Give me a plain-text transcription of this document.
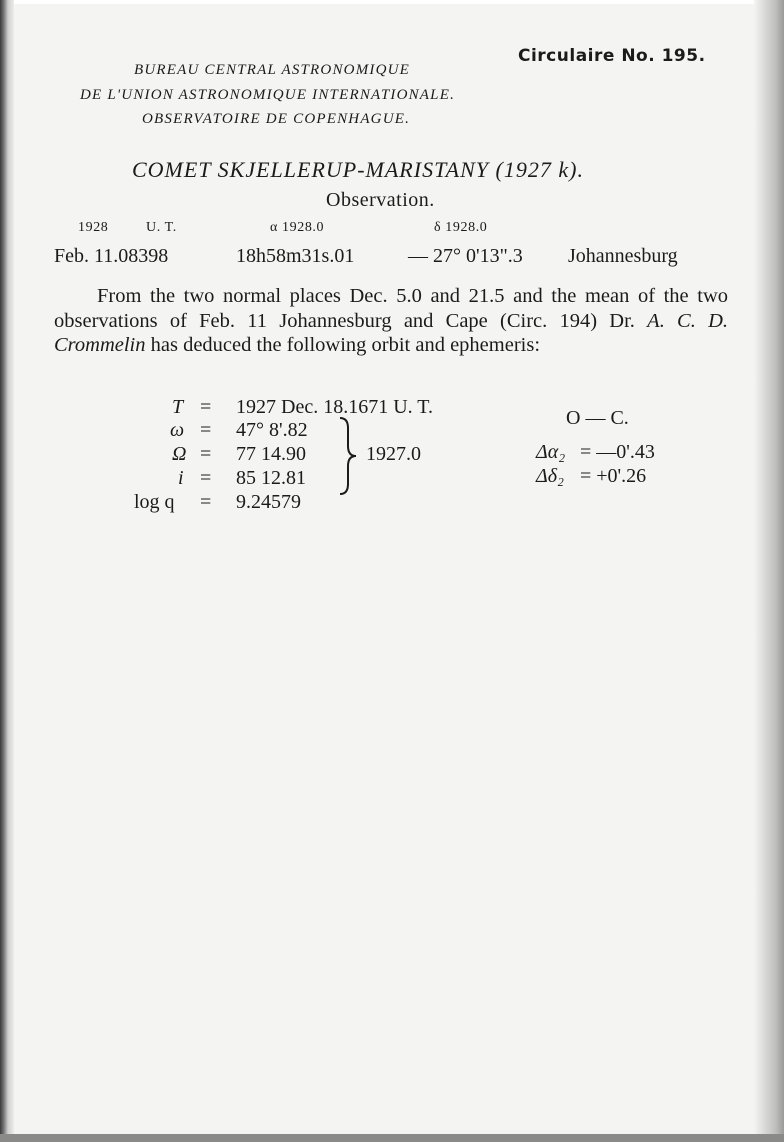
Circulaire No. 195.
BUREAU CENTRAL ASTRONOMIQUE
DE L'UNION ASTRONOMIQUE INTERNATIONALE.
OBSERVATOIRE DE COPENHAGUE.
COMET SKJELLERUP-MARISTANY (1927 k).
Observation.
1928	U. T.	α 1928.0	δ 1928.0
Feb. 11.08398	18h58m31s.01	— 27° 0'13".3 Johannesburg
From the two normal places Dec. 5.0 and 21.5 and the mean of the two observations of Feb. 11 Johannesburg and Cape (Circ. 194) Dr. A. C. D. Crommelin has deduced the following orbit and ephemeris:
T = 1927 Dec. 18.1671 U. T.
ω = 47° 8'.82
Ω = 77 14.90
i = 85 12.81
log q = 9.24579
1927.0
O — C.
Δα₂ = —0'.43
Δδ₂ = +0'.26
